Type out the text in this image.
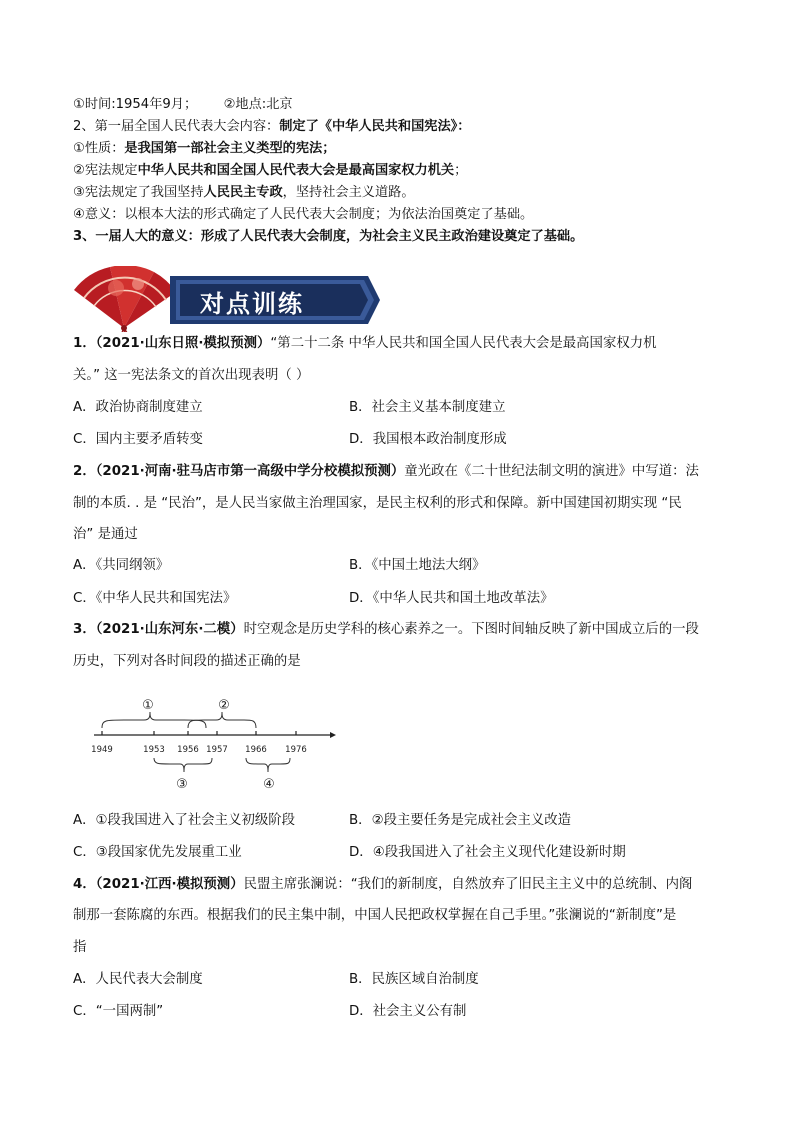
①时间:1954年9月； ②地点:北京
2、第一届全国人民代表大会内容：制定了《中华人民共和国宪法》：
①性质：是我国第一部社会主义类型的宪法；
②宪法规定中华人民共和国全国人民代表大会是最高国家权力机关；
③宪法规定了我国坚持人民民主专政，坚持社会主义道路。
④意义：以根本大法的形式确定了人民代表大会制度；为依法治国奠定了基础。
3、一届人大的意义：形成了人民代表大会制度，为社会主义民主政治建设奠定了基础。
对点训练
1．（2021·山东日照·模拟预测）“第二十二条 中华人民共和国全国人民代表大会是最高国家权力机
关。” 这一宪法条文的首次出现表明（ ）
A．政治协商制度建立	B．社会主义基本制度建立
C．国内主要矛盾转变	D．我国根本政治制度形成
2．（2021·河南·驻马店市第一高级中学分校模拟预测）童光政在《二十世纪法制文明的演进》中写道：法
制的本质. . 是 “民治”，是人民当家做主治理国家，是民主权利的形式和保障。新中国建国初期实现 “民
治” 是通过
A．《共同纲领》	B．《中国土地法大纲》
C．《中华人民共和国宪法》	D．《中华人民共和国土地改革法》
3．（2021·山东河东·二模）时空观念是历史学科的核心素养之一。下图时间轴反映了新中国成立后的一段
历史，下列对各时间段的描述正确的是
1949	1953 1956 1957 1966 1976
①	②
③	④
A．①段我国进入了社会主义初级阶段	B．②段主要任务是完成社会主义改造
C．③段国家优先发展重工业	D．④段我国进入了社会主义现代化建设新时期
4．（2021·江西·模拟预测）民盟主席张澜说：“我们的新制度，自然放弃了旧民主主义中的总统制、内阁
制那一套陈腐的东西。根据我们的民主集中制，中国人民把政权掌握在自己手里。”张澜说的“新制度”是
指
A．人民代表大会制度	B．民族区域自治制度
C．“一国两制”	D．社会主义公有制
